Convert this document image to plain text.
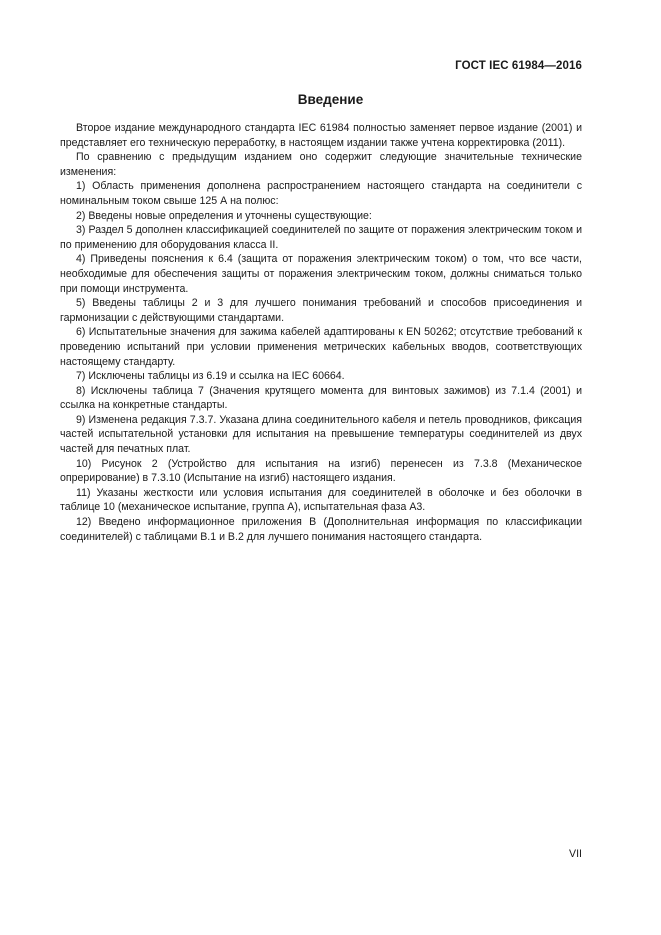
ГОСТ IEC 61984—2016
Введение

Второе издание международного стандарта IEC 61984 полностью заменяет первое издание (2001) и представляет его техническую переработку, в настоящем издании также учтена корректировка (2011).

По сравнению с предыдущим изданием оно содержит следующие значительные технические изменения:

1) Область применения дополнена распространением настоящего стандарта на соединители с номинальным током свыше 125 А на полюс:

2) Введены новые определения и уточнены существующие:

3) Раздел 5 дополнен классификацией соединителей по защите от поражения электрическим током и по применению для оборудования класса II.

4) Приведены пояснения к 6.4 (защита от поражения электрическим током) о том, что все части, необходимые для обеспечения защиты от поражения электрическим током, должны сниматься только при помощи инструмента.

5) Введены таблицы 2 и 3 для лучшего понимания требований и способов присоединения и гармонизации с действующими стандартами.

6) Испытательные значения для зажима кабелей адаптированы к EN 50262; отсутствие требований к проведению испытаний при условии применения метрических кабельных вводов, соответствующих настоящему стандарту.

7) Исключены таблицы из 6.19 и ссылка на IEC 60664.

8) Исключены таблица 7 (Значения крутящего момента для винтовых зажимов) из 7.1.4 (2001) и ссылка на конкретные стандарты.

9) Изменена редакция 7.3.7. Указана длина соединительного кабеля и петель проводников, фиксация частей испытательной установки для испытания на превышение температуры соединителей из двух частей для печатных плат.

10) Рисунок 2 (Устройство для испытания на изгиб) перенесен из 7.3.8 (Механическое опрерирование) в 7.3.10 (Испытание на изгиб) настоящего издания.

11) Указаны жесткости или условия испытания для соединителей в оболочке и без оболочки в таблице 10 (механическое испытание, группа А), испытательная фаза А3.

12) Введено информационное приложения В (Дополнительная информация по классификации соединителей) с таблицами В.1 и В.2 для лучшего понимания настоящего стандарта.

VII
